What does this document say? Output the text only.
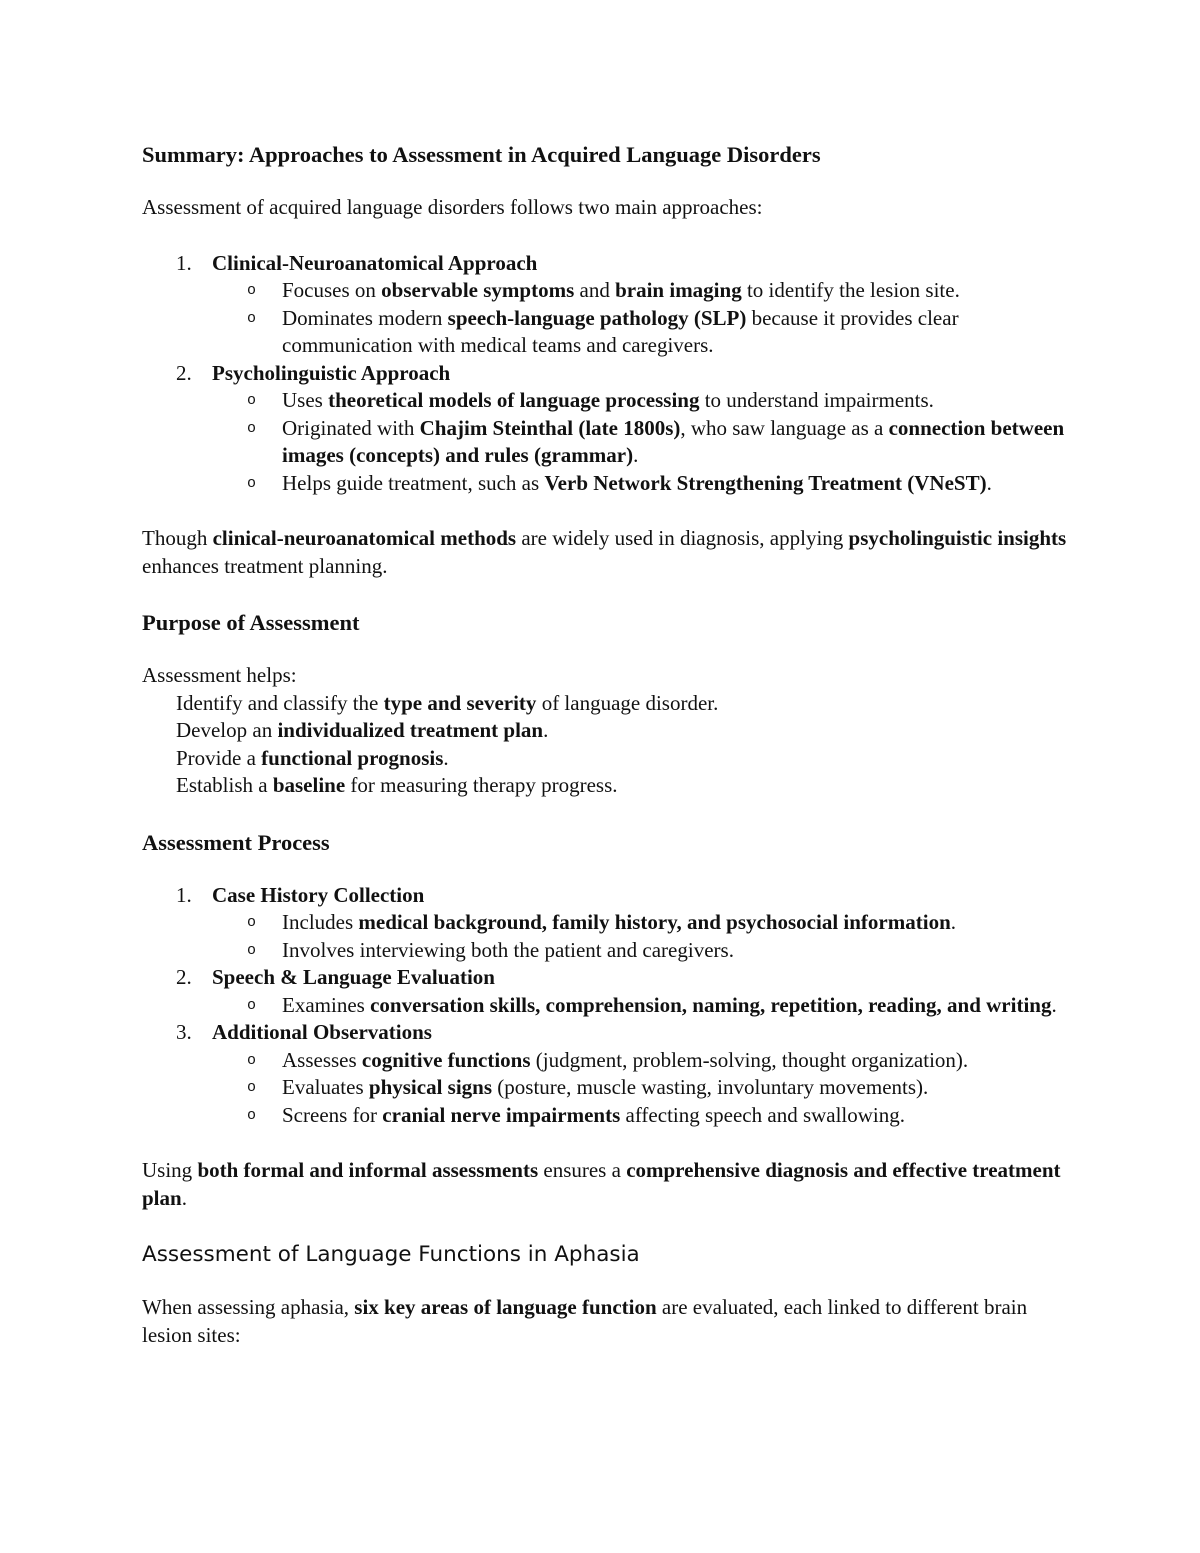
Summary: Approaches to Assessment in Acquired Language Disorders

Assessment of acquired language disorders follows two main approaches:

1. Clinical-Neuroanatomical Approach
o Focuses on observable symptoms and brain imaging to identify the lesion site.
o Dominates modern speech-language pathology (SLP) because it provides clear communication with medical teams and caregivers.
2. Psycholinguistic Approach
o Uses theoretical models of language processing to understand impairments.
o Originated with Chajim Steinthal (late 1800s), who saw language as a connection between images (concepts) and rules (grammar).
o Helps guide treatment, such as Verb Network Strengthening Treatment (VNeST).

Though clinical-neuroanatomical methods are widely used in diagnosis, applying psycholinguistic insights enhances treatment planning.

Purpose of Assessment

Assessment helps:

Identify and classify the type and severity of language disorder.
Develop an individualized treatment plan.
Provide a functional prognosis.
Establish a baseline for measuring therapy progress.

Assessment Process

1. Case History Collection
o Includes medical background, family history, and psychosocial information.
o Involves interviewing both the patient and caregivers.
2. Speech & Language Evaluation
o Examines conversation skills, comprehension, naming, repetition, reading, and writing.
3. Additional Observations
o Assesses cognitive functions (judgment, problem-solving, thought organization).
o Evaluates physical signs (posture, muscle wasting, involuntary movements).
o Screens for cranial nerve impairments affecting speech and swallowing.

Using both formal and informal assessments ensures a comprehensive diagnosis and effective treatment plan.

Assessment of Language Functions in Aphasia

When assessing aphasia, six key areas of language function are evaluated, each linked to different brain lesion sites:
